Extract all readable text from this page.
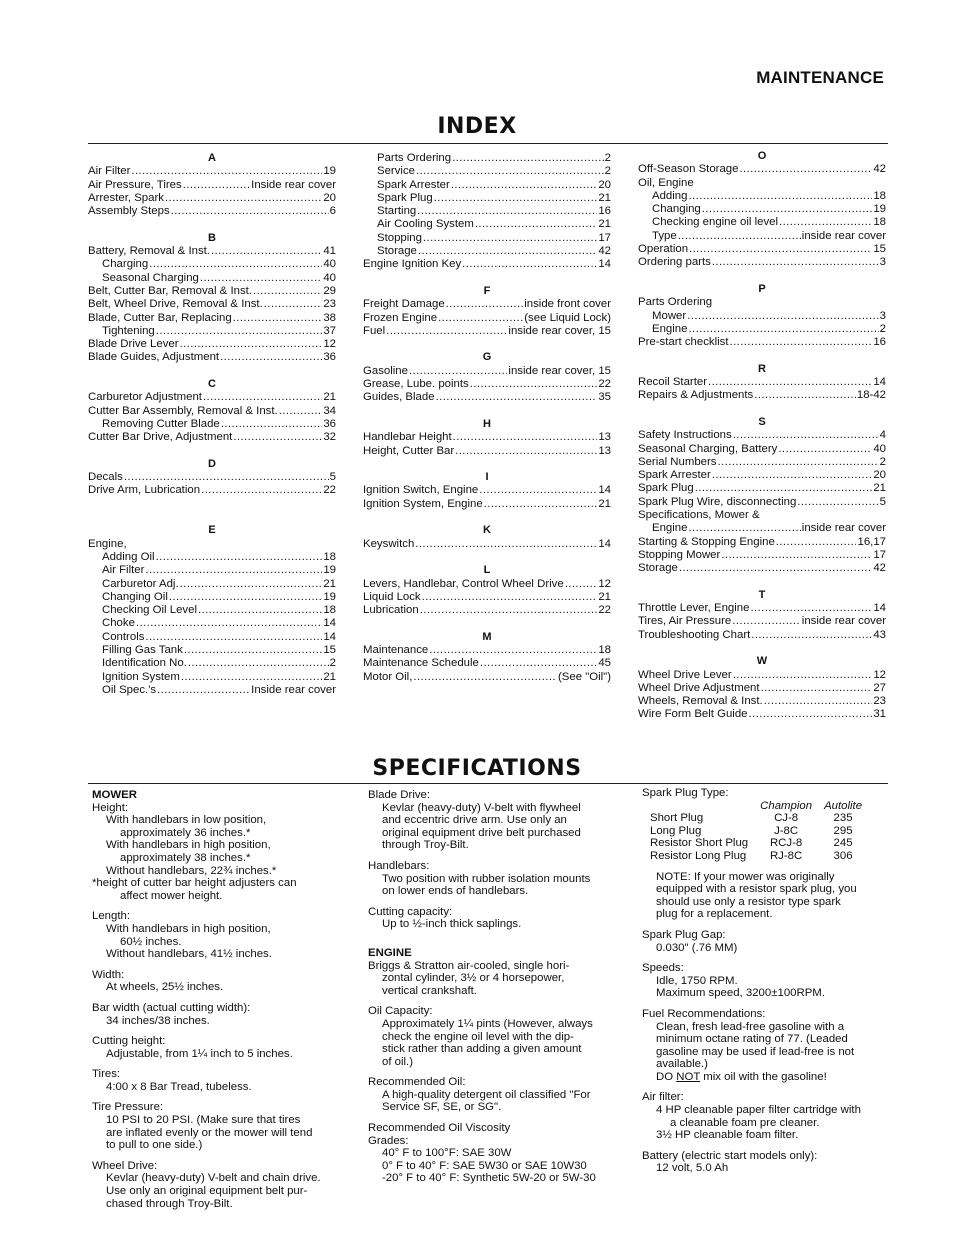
MAINTENANCE
INDEX
A
Air Filter .....	19
Air Pressure, Tires .....	Inside rear cover
Arrester, Spark .....	20
Assembly Steps .....	6
B
Battery, Removal & Inst. .....	41
Charging .....	40
Seasonal Charging .....	40
Belt, Cutter Bar, Removal & Inst. .....	29
Belt, Wheel Drive, Removal & Inst. .....	23
Blade, Cutter Bar, Replacing .....	38
Tightening .....	37
Blade Drive Lever .....	12
Blade Guides, Adjustment .....	36
C
Carburetor Adjustment .....	21
Cutter Bar Assembly, Removal & Inst. .....	34
Removing Cutter Blade .....	36
Cutter Bar Drive, Adjustment .....	32
D
Decals .....	5
Drive Arm, Lubrication .....	22
E
Engine,
Adding Oil .....	18
Air Filter .....	19
Carburetor Adj. .....	21
Changing Oil .....	19
Checking Oil Level .....	18
Choke .....	14
Controls .....	14
Filling Gas Tank .....	15
Identification No. .....	2
Ignition System .....	21
Oil Spec.'s .....	Inside rear cover
Parts Ordering .....	2
Service .....	2
Spark Arrester .....	20
Spark Plug .....	21
Starting .....	16
Air Cooling System .....	21
Stopping .....	17
Storage .....	42
Engine Ignition Key .....	14
F
Freight Damage .....	inside front cover
Frozen Engine .....	(see Liquid Lock)
Fuel .....	inside rear cover, 15
G
Gasoline .....	inside rear cover, 15
Grease, Lube. points .....	22
Guides, Blade .....	35
H
Handlebar Height .....	13
Height, Cutter Bar .....	13
I
Ignition Switch, Engine .....	14
Ignition System, Engine .....	21
K
Keyswitch .....	14
L
Levers, Handlebar, Control Wheel Drive .....	12
Liquid Lock .....	21
Lubrication .....	22
M
Maintenance .....	18
Maintenance Schedule .....	45
Motor Oil, .....	(See "Oil")
O
Off-Season Storage .....	42
Oil, Engine
Adding .....	18
Changing .....	19
Checking engine oil level .....	18
Type .....	inside rear cover
Operation .....	15
Ordering parts .....	3
P
Parts Ordering
Mower .....	3
Engine .....	2
Pre-start checklist .....	16
R
Recoil Starter .....	14
Repairs & Adjustments .....	18-42
S
Safety Instructions .....	4
Seasonal Charging, Battery .....	40
Serial Numbers .....	2
Spark Arrester .....	20
Spark Plug .....	21
Spark Plug Wire, disconnecting .....	5
Specifications, Mower &
Engine .....	inside rear cover
Starting & Stopping Engine .....	16,17
Stopping Mower .....	17
Storage .....	42
T
Throttle Lever, Engine .....	14
Tires, Air Pressure .....	inside rear cover
Troubleshooting Chart .....	43
W
Wheel Drive Lever .....	12
Wheel Drive Adjustment .....	27
Wheels, Removal & Inst. .....	23
Wire Form Belt Guide .....	31
SPECIFICATIONS

MOWER

Height:

With handlebars in low position,

approximately 36 inches.*

With handlebars in high position,

approximately 38 inches.*

Without handlebars, 22¾ inches.*

*height of cutter bar height adjusters can

affect mower height.

Length:

With handlebars in high position,

60½ inches.

Without handlebars, 41½ inches.

Width:

At wheels, 25½ inches.

Bar width (actual cutting width):

34 inches/38 inches.

Cutting height:

Adjustable, from 1¼ inch to 5 inches.

Tires:

4:00 x 8 Bar Tread, tubeless.

Tire Pressure:

10 PSI to 20 PSI. (Make sure that tires

are inflated evenly or the mower will tend

to pull to one side.)

Wheel Drive:

Kevlar (heavy-duty) V-belt and chain drive.

Use only an original equipment belt pur-

chased through Troy-Bilt.

Blade Drive:

Kevlar (heavy-duty) V-belt with flywheel

and eccentric drive arm. Use only an

original equipment drive belt purchased

through Troy-Bilt.

Handlebars:

Two position with rubber isolation mounts

on lower ends of handlebars.

Cutting capacity:

Up to ½-inch thick saplings.

ENGINE

Briggs & Stratton air-cooled, single hori-

zontal cylinder, 3½ or 4 horsepower,

vertical crankshaft.

Oil Capacity:

Approximately 1¼ pints (However, always

check the engine oil level with the dip-

stick rather than adding a given amount

of oil.)

Recommended Oil:

A high-quality detergent oil classified "For

Service SF, SE, or SG".

Recommended Oil Viscosity

Grades:

40° F to 100°F: SAE 30W

0° F to 40° F: SAE 5W30 or SAE 10W30

-20° F to 40° F: Synthetic 5W-20 or 5W-30

Spark Plug Type:

	Champion	Autolite
Short Plug	CJ-8	235
Long Plug	J-8C	295
Resistor Short Plug	RCJ-8	245
Resistor Long Plug	RJ-8C	306

NOTE: If your mower was originally

equipped with a resistor spark plug, you

should use only a resistor type spark

plug for a replacement.

Spark Plug Gap:

0.030" (.76 MM)

Speeds:

Idle, 1750 RPM.

Maximum speed, 3200±100RPM.

Fuel Recommendations:

Clean, fresh lead-free gasoline with a

minimum octane rating of 77. (Leaded

gasoline may be used if lead-free is not

available.)

DO NOT mix oil with the gasoline!

Air filter:

4 HP cleanable paper filter cartridge with

a cleanable foam pre cleaner.

3½ HP cleanable foam filter.

Battery (electric start models only):

12 volt, 5.0 Ah
